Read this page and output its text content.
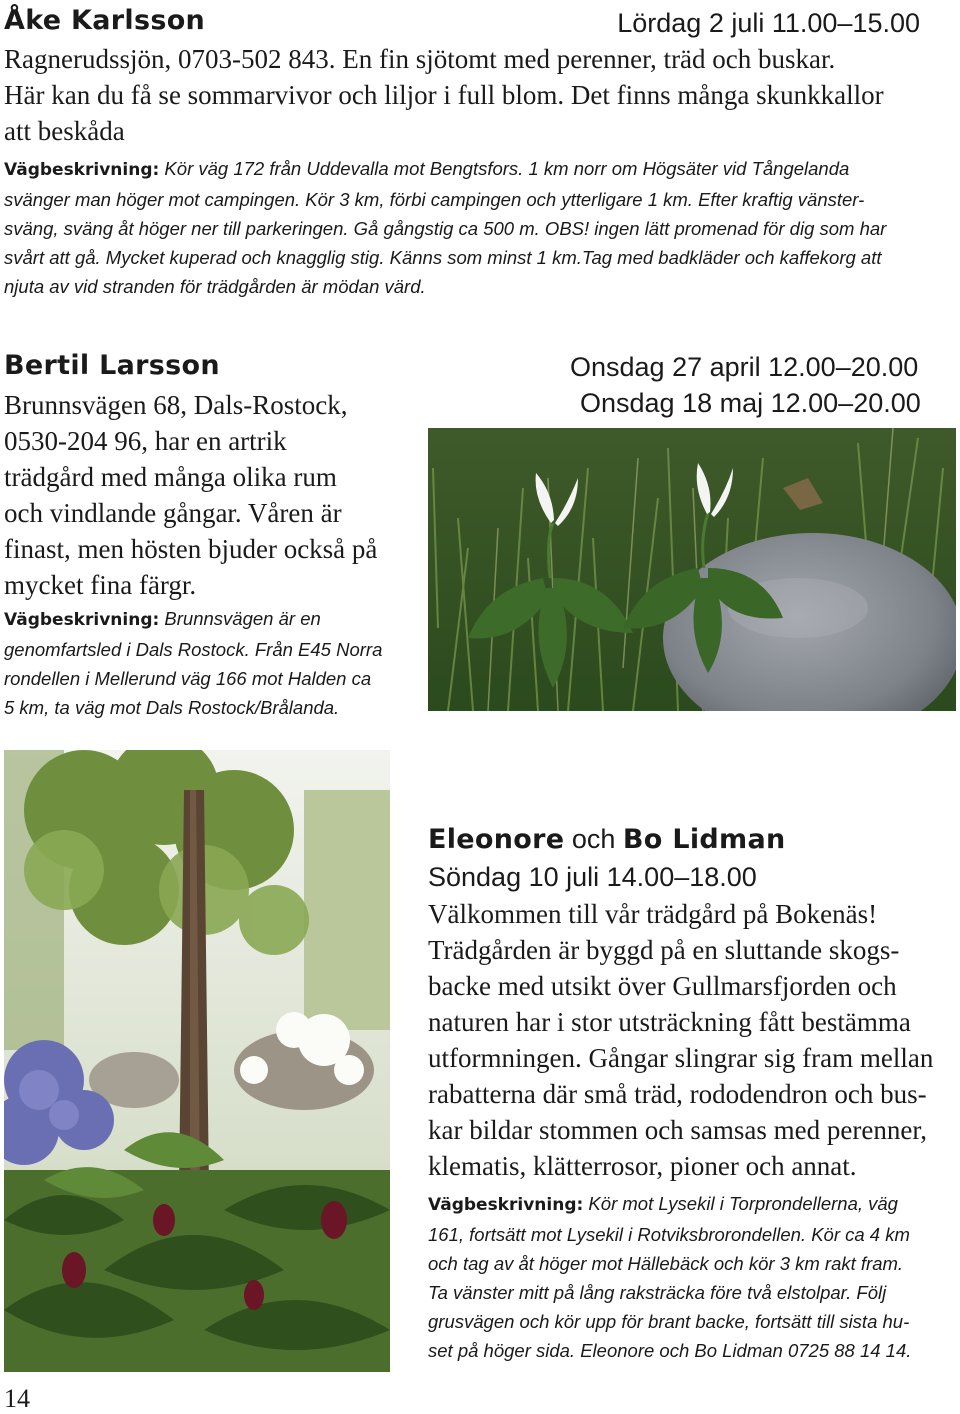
Åke Karlsson	Lördag 2 juli 11.00–15.00
Ragnerudssjön, 0703-502 843. En fin sjötomt med perenner, träd och buskar.
Här kan du få se sommarvivor och liljor i full blom. Det finns många skunkkallor
att beskåda
Vägbeskrivning: Kör väg 172 från Uddevalla mot Bengtsfors. 1 km norr om Högsäter vid Tångelanda
svänger man höger mot campingen. Kör 3 km, förbi campingen och ytterligare 1 km. Efter kraftig vänster-
sväng, sväng åt höger ner till parkeringen. Gå gångstig ca 500 m. OBS! ingen lätt promenad för dig som har
svårt att gå. Mycket kuperad och knagglig stig. Känns som minst 1 km.Tag med badkläder och kaffekorg att
njuta av vid stranden för trädgården är mödan värd.
Bertil Larsson	Onsdag 27 april 12.00–20.00
Onsdag 18 maj 12.00–20.00
Brunnsvägen 68, Dals-Rostock,
0530-204 96, har en artrik
trädgård med många olika rum
och vindlande gångar. Våren är
finast, men hösten bjuder också på
mycket fina färgr.
Vägbeskrivning: Brunnsvägen är en
genomfartsled i Dals Rostock. Från E45 Norra
rondellen i Mellerund väg 166 mot Halden ca
5 km, ta väg mot Dals Rostock/Brålanda.
Eleonore och Bo Lidman
Söndag 10 juli 14.00–18.00
Välkommen till vår trädgård på Bokenäs!
Trädgården är byggd på en sluttande skogs-
backe med utsikt över Gullmarsfjorden och
naturen har i stor utsträckning fått bestämma
utformningen. Gångar slingrar sig fram mellan
rabatterna där små träd, rododendron och bus-
kar bildar stommen och samsas med perenner,
klematis, klätterrosor, pioner och annat.
Vägbeskrivning: Kör mot Lysekil i Torprondellerna, väg
161, fortsätt mot Lysekil i Rotviksbrorondellen. Kör ca 4 km
och tag av åt höger mot Hällebäck och kör 3 km rakt fram.
Ta vänster mitt på lång raksträcka före två elstolpar. Följ
grusvägen och kör upp för brant backe, fortsätt till sista hu-
set på höger sida. Eleonore och Bo Lidman 0725 88 14 14.
14
